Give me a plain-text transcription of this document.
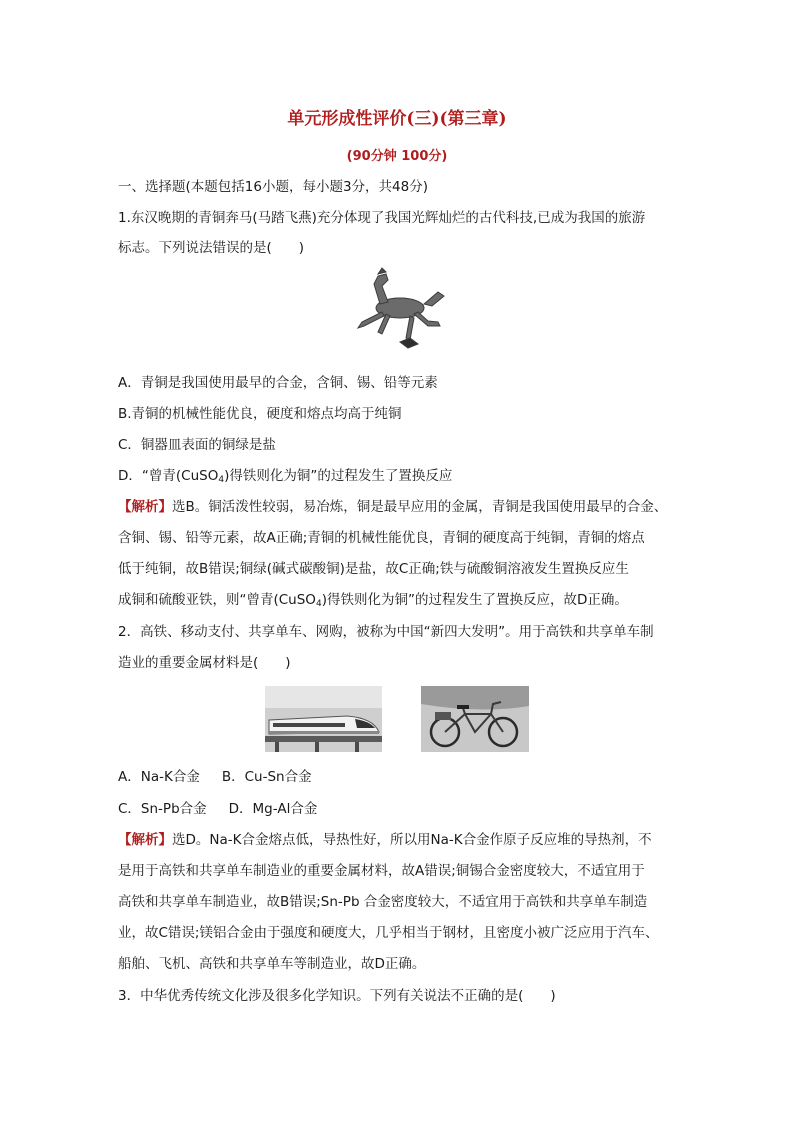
单元形成性评价(三)(第三章)
(90分钟 100分)
一、选择题(本题包括16小题，每小题3分，共48分)
1.东汉晚期的青铜奔马(马踏飞燕)充分体现了我国光辉灿烂的古代科技,已成为我国的旅游
标志。下列说法错误的是(　　)
A．青铜是我国使用最早的合金，含铜、锡、铅等元素
B.青铜的机械性能优良，硬度和熔点均高于纯铜
C．铜器皿表面的铜绿是盐
D．“曾青(CuSO$_4$)得铁则化为铜”的过程发生了置换反应
【解析】选B。铜活泼性较弱，易冶炼，铜是最早应用的金属，青铜是我国使用最早的合金、
含铜、锡、铅等元素，故A正确;青铜的机械性能优良，青铜的硬度高于纯铜，青铜的熔点
低于纯铜，故B错误;铜绿(碱式碳酸铜)是盐，故C正确;铁与硫酸铜溶液发生置换反应生
成铜和硫酸亚铁，则“曾青(CuSO$_4$)得铁则化为铜”的过程发生了置换反应，故D正确。
2．高铁、移动支付、共享单车、网购，被称为中国“新四大发明”。用于高铁和共享单车制
造业的重要金属材料是(　　)
A．Na-K合金 B．Cu-Sn合金
C．Sn-Pb合金 D．Mg-Al合金
【解析】选D。Na-K合金熔点低，导热性好，所以用Na-K合金作原子反应堆的导热剂，不
是用于高铁和共享单车制造业的重要金属材料，故A错误;铜锡合金密度较大，不适宜用于
高铁和共享单车制造业，故B错误;Sn-Pb 合金密度较大，不适宜用于高铁和共享单车制造
业，故C错误;镁铝合金由于强度和硬度大，几乎相当于钢材，且密度小被广泛应用于汽车、
船舶、飞机、高铁和共享单车等制造业，故D正确。
3．中华优秀传统文化涉及很多化学知识。下列有关说法不正确的是(　　)
